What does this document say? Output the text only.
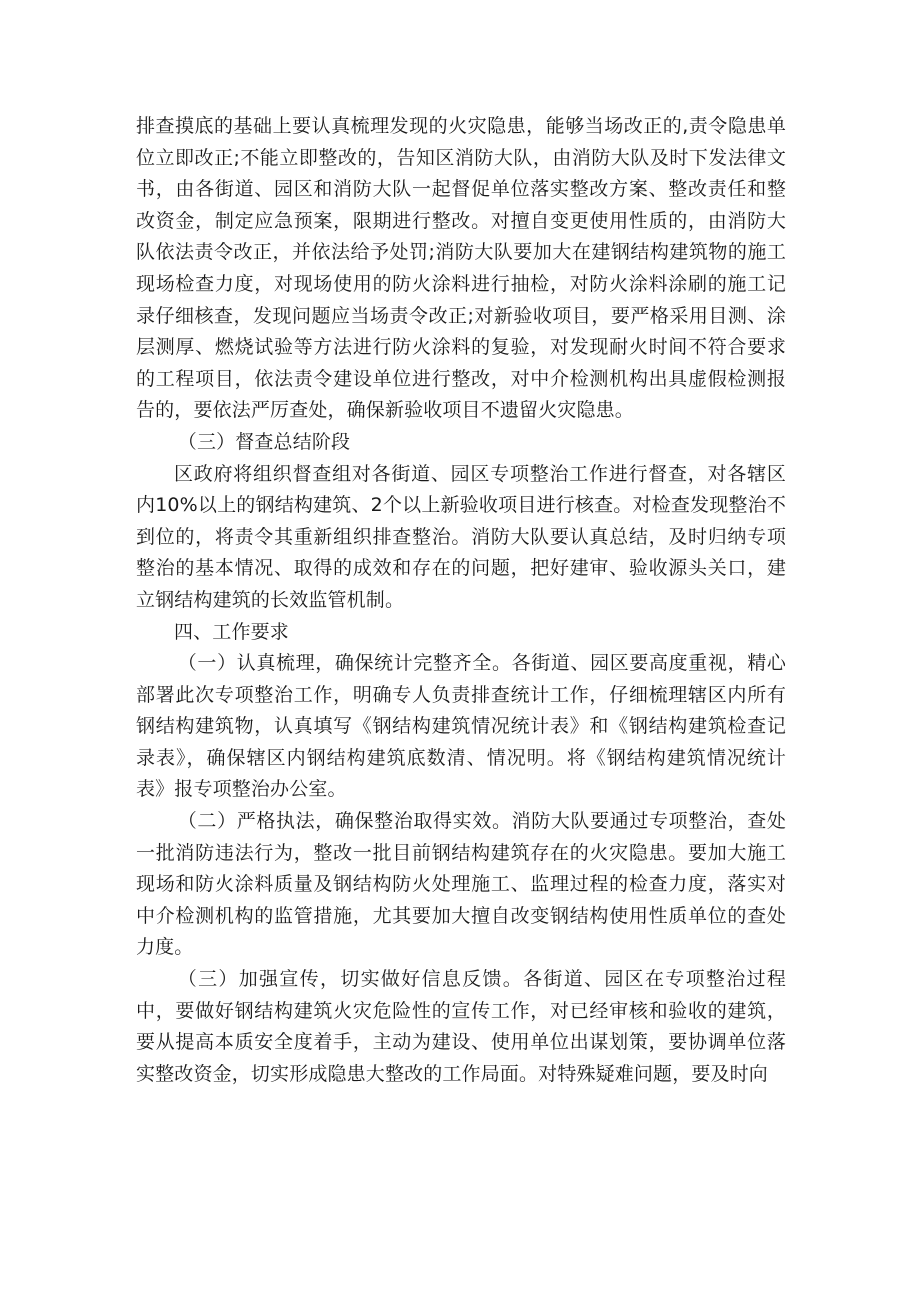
排查摸底的基础上要认真梳理发现的火灾隐患，能够当场改正的,责令隐患单位立即改正;不能立即整改的，告知区消防大队，由消防大队及时下发法律文书，由各街道、园区和消防大队一起督促单位落实整改方案、整改责任和整改资金，制定应急预案，限期进行整改。对擅自变更使用性质的，由消防大队依法责令改正，并依法给予处罚;消防大队要加大在建钢结构建筑物的施工现场检查力度，对现场使用的防火涂料进行抽检，对防火涂料涂刷的施工记录仔细核查，发现问题应当场责令改正;对新验收项目，要严格采用目测、涂层测厚、燃烧试验等方法进行防火涂料的复验，对发现耐火时间不符合要求的工程项目，依法责令建设单位进行整改，对中介检测机构出具虚假检测报告的，要依法严厉查处，确保新验收项目不遗留火灾隐患。

（三）督查总结阶段

区政府将组织督查组对各街道、园区专项整治工作进行督查，对各辖区内10%以上的钢结构建筑、2个以上新验收项目进行核查。对检查发现整治不到位的，将责令其重新组织排查整治。消防大队要认真总结，及时归纳专项整治的基本情况、取得的成效和存在的问题，把好建审、验收源头关口，建立钢结构建筑的长效监管机制。

四、工作要求

（一）认真梳理，确保统计完整齐全。各街道、园区要高度重视，精心部署此次专项整治工作，明确专人负责排查统计工作，仔细梳理辖区内所有钢结构建筑物，认真填写《钢结构建筑情况统计表》和《钢结构建筑检查记录表》，确保辖区内钢结构建筑底数清、情况明。将《钢结构建筑情况统计表》报专项整治办公室。

（二）严格执法，确保整治取得实效。消防大队要通过专项整治，查处一批消防违法行为，整改一批目前钢结构建筑存在的火灾隐患。要加大施工现场和防火涂料质量及钢结构防火处理施工、监理过程的检查力度，落实对中介检测机构的监管措施，尤其要加大擅自改变钢结构使用性质单位的查处力度。

（三）加强宣传，切实做好信息反馈。各街道、园区在专项整治过程中，要做好钢结构建筑火灾危险性的宣传工作，对已经审核和验收的建筑，要从提高本质安全度着手，主动为建设、使用单位出谋划策，要协调单位落实整改资金，切实形成隐患大整改的工作局面。对特殊疑难问题，要及时向
